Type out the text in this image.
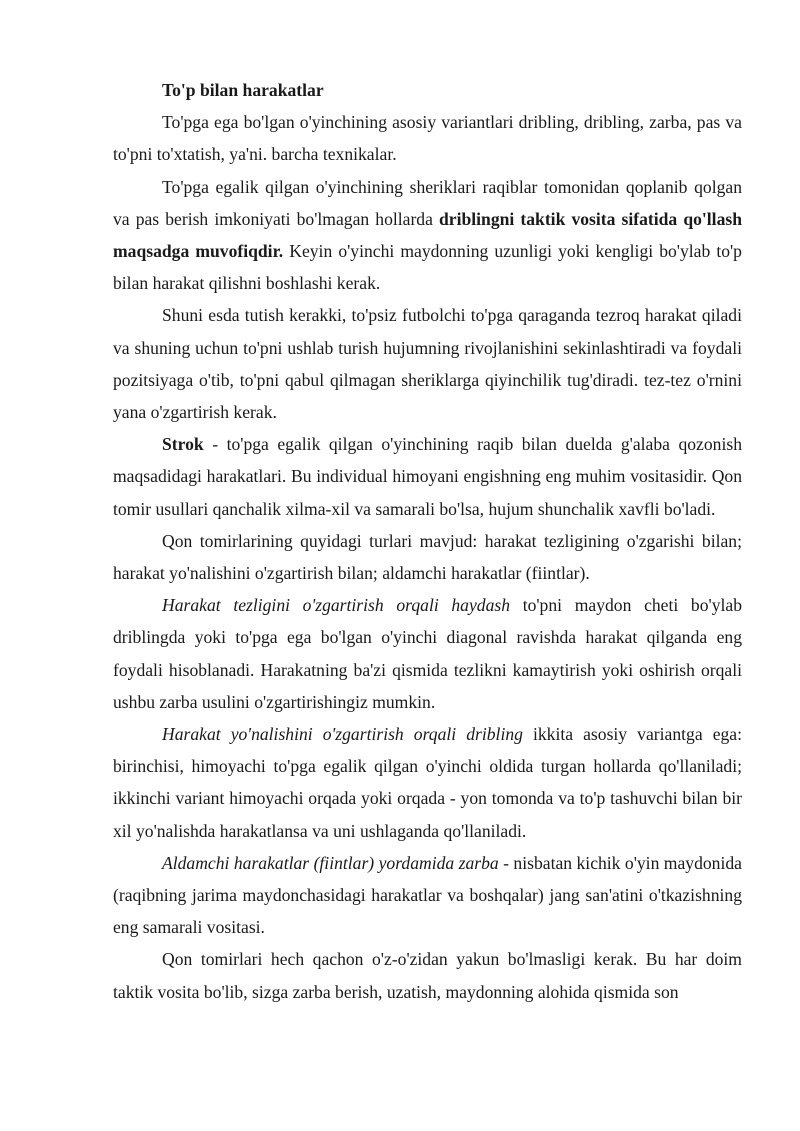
To'p bilan harakatlar

To'pga ega bo'lgan o'yinchining asosiy variantlari dribling, dribling, zarba, pas va to'pni to'xtatish, ya'ni. barcha texnikalar.

To'pga egalik qilgan o'yinchining sheriklari raqiblar tomonidan qoplanib qolgan va pas berish imkoniyati bo'lmagan hollarda driblingni taktik vosita sifatida qo'llash maqsadga muvofiqdir. Keyin o'yinchi maydonning uzunligi yoki kengligi bo'ylab to'p bilan harakat qilishni boshlashi kerak.

Shuni esda tutish kerakki, to'psiz futbolchi to'pga qaraganda tezroq harakat qiladi va shuning uchun to'pni ushlab turish hujumning rivojlanishini sekinlashtiradi va foydali pozitsiyaga o'tib, to'pni qabul qilmagan sheriklarga qiyinchilik tug'diradi. tez-tez o'rnini yana o'zgartirish kerak.

Strok - to'pga egalik qilgan o'yinchining raqib bilan duelda g'alaba qozonish maqsadidagi harakatlari. Bu individual himoyani engishning eng muhim vositasidir. Qon tomir usullari qanchalik xilma-xil va samarali bo'lsa, hujum shunchalik xavfli bo'ladi.

Qon tomirlarining quyidagi turlari mavjud: harakat tezligining o'zgarishi bilan; harakat yo'nalishini o'zgartirish bilan; aldamchi harakatlar (fiintlar).

Harakat tezligini o'zgartirish orqali haydash to'pni maydon cheti bo'ylab driblingda yoki to'pga ega bo'lgan o'yinchi diagonal ravishda harakat qilganda eng foydali hisoblanadi. Harakatning ba'zi qismida tezlikni kamaytirish yoki oshirish orqali ushbu zarba usulini o'zgartirishingiz mumkin.

Harakat yo'nalishini o'zgartirish orqali dribling ikkita asosiy variantga ega: birinchisi, himoyachi to'pga egalik qilgan o'yinchi oldida turgan hollarda qo'llaniladi; ikkinchi variant himoyachi orqada yoki orqada - yon tomonda va to'p tashuvchi bilan bir xil yo'nalishda harakatlansa va uni ushlaganda qo'llaniladi.

Aldamchi harakatlar (fiintlar) yordamida zarba - nisbatan kichik o'yin maydonida (raqibning jarima maydonchasidagi harakatlar va boshqalar) jang san'atini o'tkazishning eng samarali vositasi.

Qon tomirlari hech qachon o'z-o'zidan yakun bo'lmasligi kerak. Bu har doim taktik vosita bo'lib, sizga zarba berish, uzatish, maydonning alohida qismida son
